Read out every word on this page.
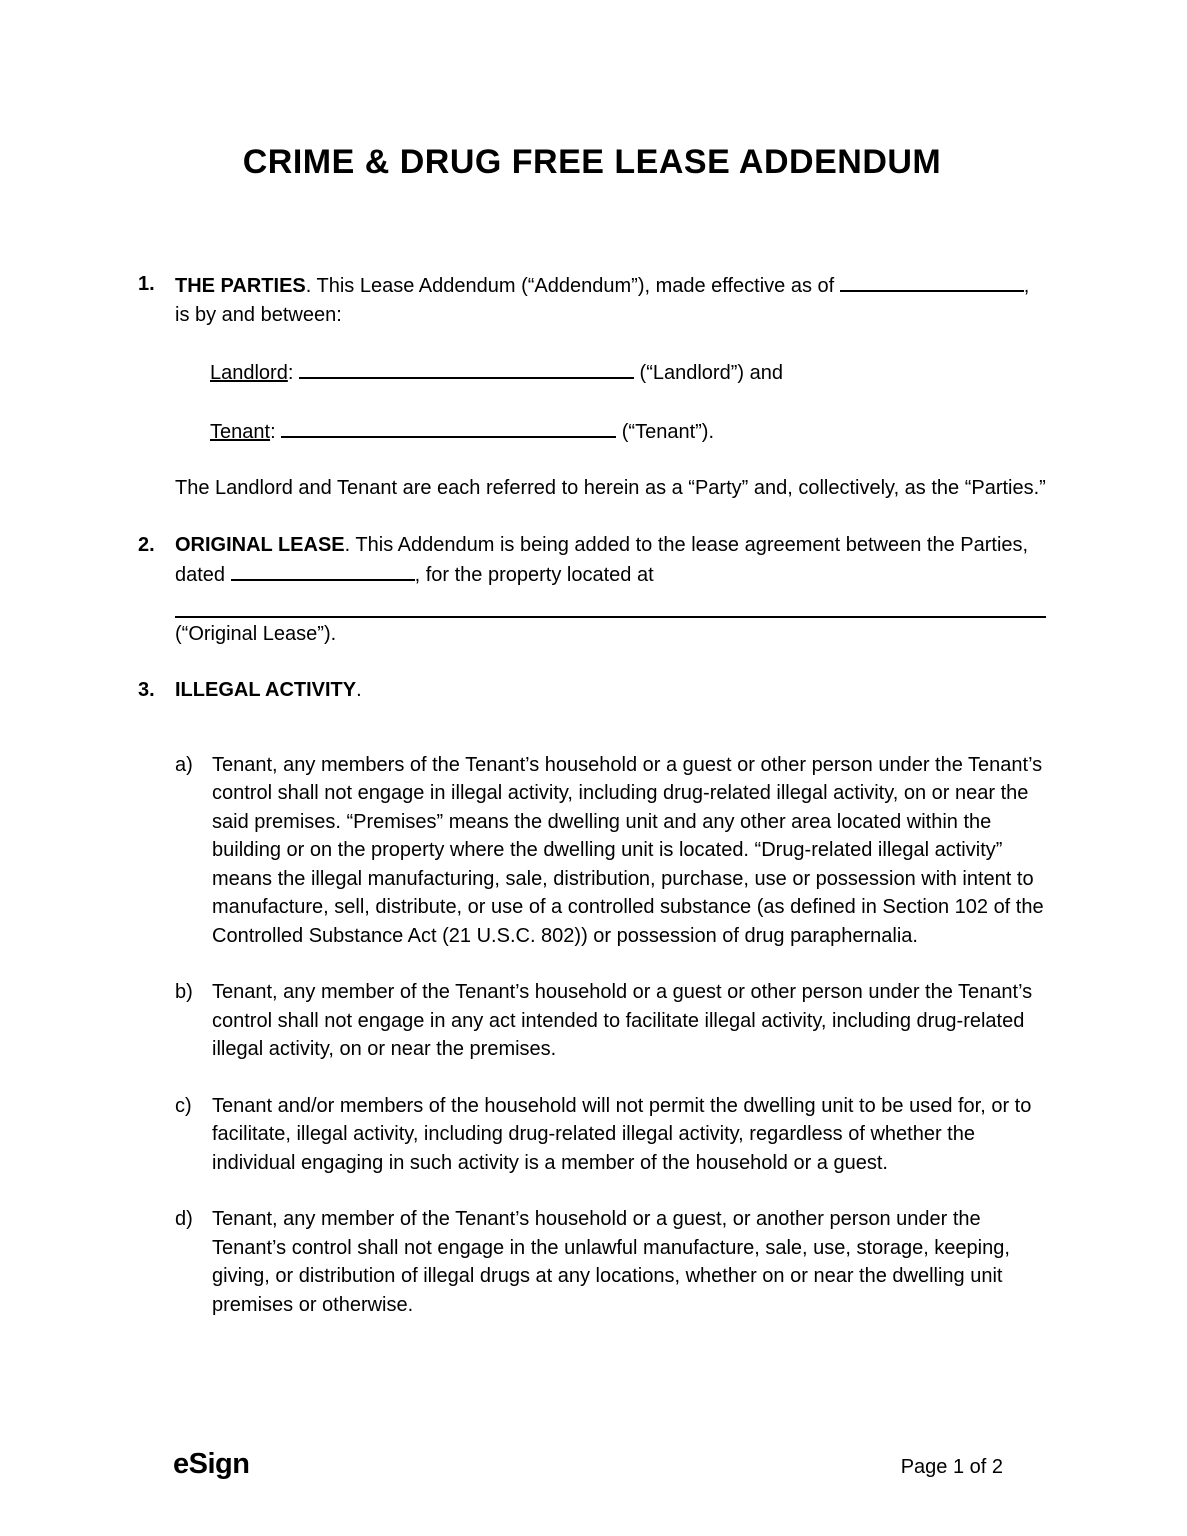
CRIME & DRUG FREE LEASE ADDENDUM
1.	THE PARTIES. This Lease Addendum (“Addendum”), made effective as of	, is by and between:

Landlord:	(“Landlord”) and

Tenant:	(“Tenant”).

The Landlord and Tenant are each referred to herein as a “Party” and, collectively, as the “Parties.”

2.	ORIGINAL LEASE. This Addendum is being added to the lease agreement between the Parties, dated	, for the property located at

(“Original Lease”).

3.	ILLEGAL ACTIVITY.
a) Tenant, any members of the Tenant’s household or a guest or other person under the Tenant’s control shall not engage in illegal activity, including drug-related illegal activity, on or near the said premises. “Premises” means the dwelling unit and any other area located within the building or on the property where the dwelling unit is located. “Drug-related illegal activity” means the illegal manufacturing, sale, distribution, purchase, use or possession with intent to manufacture, sell, distribute, or use of a controlled substance (as defined in Section 102 of the Controlled Substance Act (21 U.S.C. 802)) or possession of drug paraphernalia.
b) Tenant, any member of the Tenant’s household or a guest or other person under the Tenant’s control shall not engage in any act intended to facilitate illegal activity, including drug-related illegal activity, on or near the premises.
c)	Tenant and/or members of the household will not permit the dwelling unit to be used for, or to facilitate, illegal activity, including drug-related illegal activity, regardless of whether the individual engaging in such activity is a member of the household or a guest.
d) Tenant, any member of the Tenant’s household or a guest, or another person under the Tenant’s control shall not engage in the unlawful manufacture, sale, use, storage, keeping, giving, or distribution of illegal drugs at any locations, whether on or near the dwelling unit premises or otherwise.
eSign	Page 1 of 2
